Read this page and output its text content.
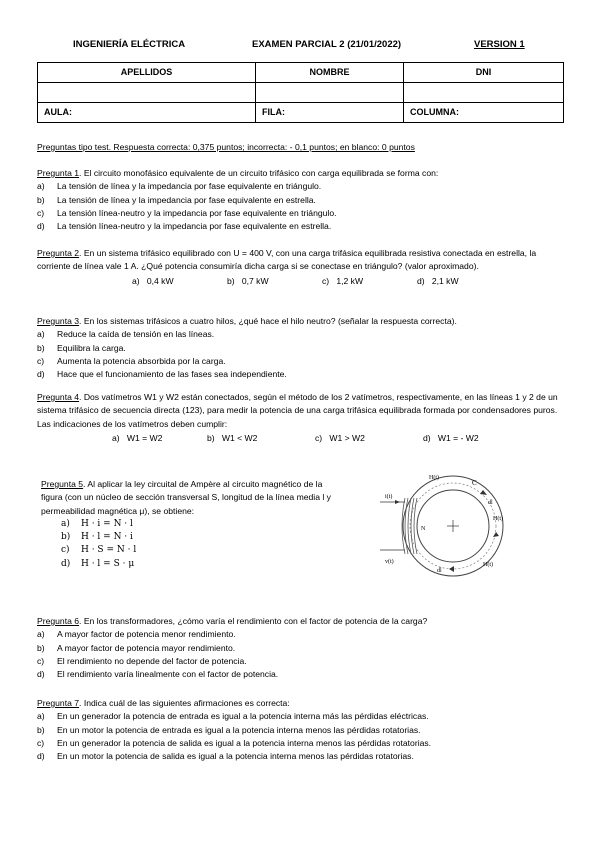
INGENIERÍA ELÉCTRICA	EXAMEN PARCIAL 2 (21/01/2022)	VERSION 1
APELLIDOS	NOMBRE	DNI

AULA:	FILA:	COLUMNA:
Preguntas tipo test. Respuesta correcta: 0,375 puntos; incorrecta: - 0,1 puntos; en blanco: 0 puntos

Pregunta 1. El circuito monofásico equivalente de un circuito trifásico con carga equilibrada se forma con:

a)	La tensión de línea y la impedancia por fase equivalente en triángulo.
b)	La tensión de línea y la impedancia por fase equivalente en estrella.
c)	La tensión línea-neutro y la impedancia por fase equivalente en triángulo.
d)	La tensión línea-neutro y la impedancia por fase equivalente en estrella.

Pregunta 2. En un sistema trifásico equilibrado con U = 400 V, con una carga trifásica equilibrada resistiva conectada en estrella, la corriente de línea vale 1 A. ¿Qué potencia consumiría dicha carga si se conectase en triángulo? (valor aproximado).

a) 0,4 kW	b) 0,7 kW	c) 1,2 kW	d) 2,1 kW

Pregunta 3. En los sistemas trifásicos a cuatro hilos, ¿qué hace el hilo neutro? (señalar la respuesta correcta).

a)	Reduce la caída de tensión en las líneas.
b)	Equilibra la carga.
c)	Aumenta la potencia absorbida por la carga.
d)	Hace que el funcionamiento de las fases sea independiente.

Pregunta 4. Dos vatímetros W1 y W2 están conectados, según el método de los 2 vatímetros, respectivamente, en las líneas 1 y 2 de un sistema trifásico de secuencia directa (123), para medir la potencia de una carga trifásica equilibrada formada por condensadores puros. Las indicaciones de los vatímetros deben cumplir:

a) W1 = W2	b) W1 < W2	c) W1 > W2	d) W1 = - W2

Pregunta 5. Al aplicar la ley circuital de Ampère al circuito magnético de la figura (con un núcleo de sección transversal S, longitud de la línea media l y permeabilidad magnética μ), se obtiene:

a)	H · i = N · l
b)	H · l = N · i
c)	H · S = N · l
d)	H · l = S · μ
i(t)
v(t)
N
C
H(t)
H(t)
H(t)
dl
dl

Pregunta 6. En los transformadores, ¿cómo varía el rendimiento con el factor de potencia de la carga?

a)	A mayor factor de potencia menor rendimiento.
b)	A mayor factor de potencia mayor rendimiento.
c)	El rendimiento no depende del factor de potencia.
d)	El rendimiento varía linealmente con el factor de potencia.

Pregunta 7. Indica cuál de las siguientes afirmaciones es correcta:

a)	En un generador la potencia de entrada es igual a la potencia interna más las pérdidas eléctricas.
b)	En un motor la potencia de entrada es igual a la potencia interna menos las pérdidas rotatorias.
c)	En un generador la potencia de salida es igual a la potencia interna menos las pérdidas rotatorias.
d)	En un motor la potencia de salida es igual a la potencia interna menos las pérdidas rotatorias.
